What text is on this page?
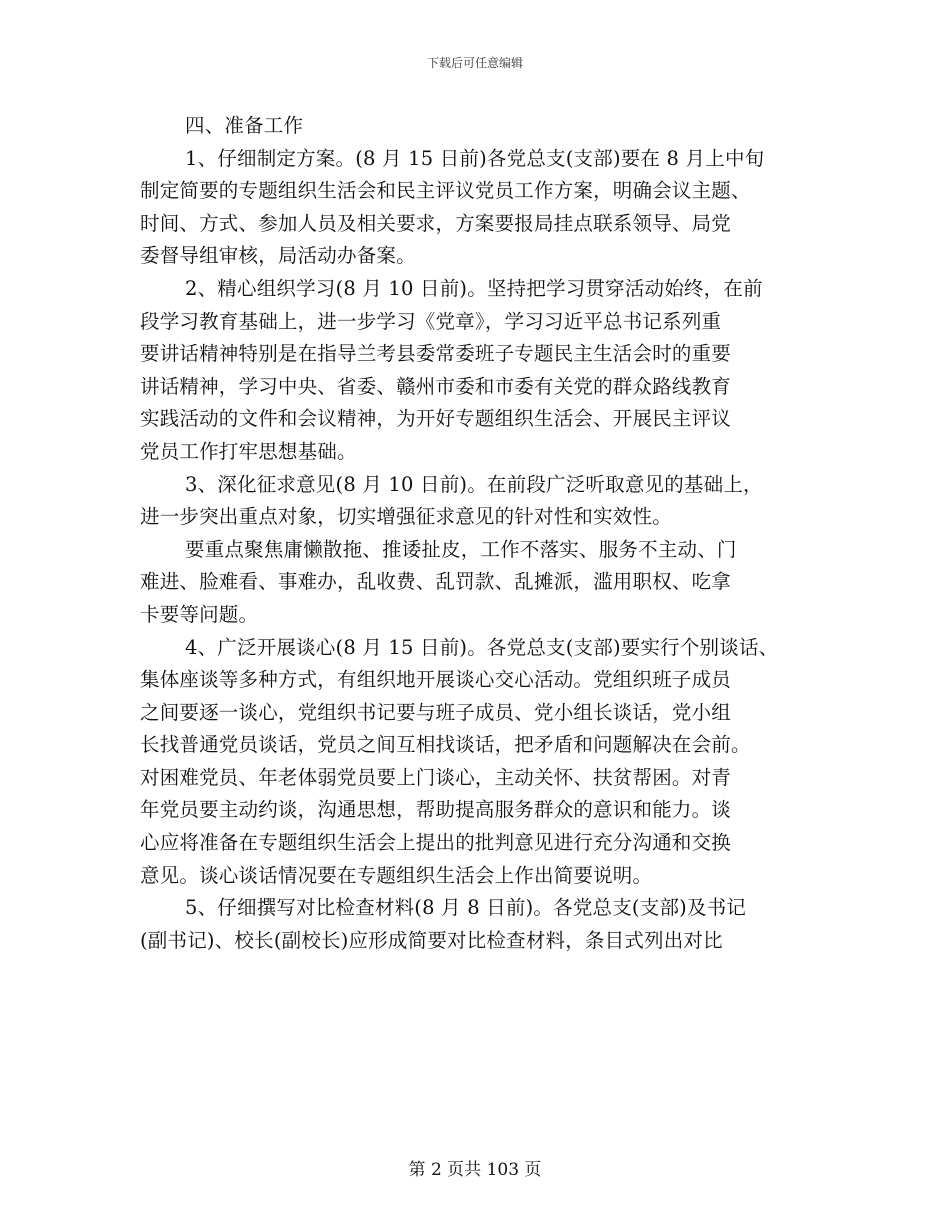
下载后可任意编辑
四、准备工作
1、仔细制定方案。(8 月 15 日前)各党总支(支部)要在 8 月上中旬
制定简要的专题组织生活会和民主评议党员工作方案，明确会议主题、
时间、方式、参加人员及相关要求，方案要报局挂点联系领导、局党
委督导组审核，局活动办备案。
2、精心组织学习(8 月 10 日前)。坚持把学习贯穿活动始终，在前
段学习教育基础上，进一步学习《党章》，学习习近平总书记系列重
要讲话精神特别是在指导兰考县委常委班子专题民主生活会时的重要
讲话精神，学习中央、省委、赣州市委和市委有关党的群众路线教育
实践活动的文件和会议精神，为开好专题组织生活会、开展民主评议
党员工作打牢思想基础。
3、深化征求意见(8 月 10 日前)。在前段广泛听取意见的基础上，
进一步突出重点对象，切实增强征求意见的针对性和实效性。
要重点聚焦庸懒散拖、推诿扯皮，工作不落实、服务不主动、门
难进、脸难看、事难办，乱收费、乱罚款、乱摊派，滥用职权、吃拿
卡要等问题。
4、广泛开展谈心(8 月 15 日前)。各党总支(支部)要实行个别谈话、
集体座谈等多种方式，有组织地开展谈心交心活动。党组织班子成员
之间要逐一谈心，党组织书记要与班子成员、党小组长谈话，党小组
长找普通党员谈话，党员之间互相找谈话，把矛盾和问题解决在会前。
对困难党员、年老体弱党员要上门谈心，主动关怀、扶贫帮困。对青
年党员要主动约谈，沟通思想，帮助提高服务群众的意识和能力。谈
心应将准备在专题组织生活会上提出的批判意见进行充分沟通和交换
意见。谈心谈话情况要在专题组织生活会上作出简要说明。
5、仔细撰写对比检查材料(8 月 8 日前)。各党总支(支部)及书记
(副书记)、校长(副校长)应形成简要对比检查材料，条目式列出对比
第 2 页共 103 页
